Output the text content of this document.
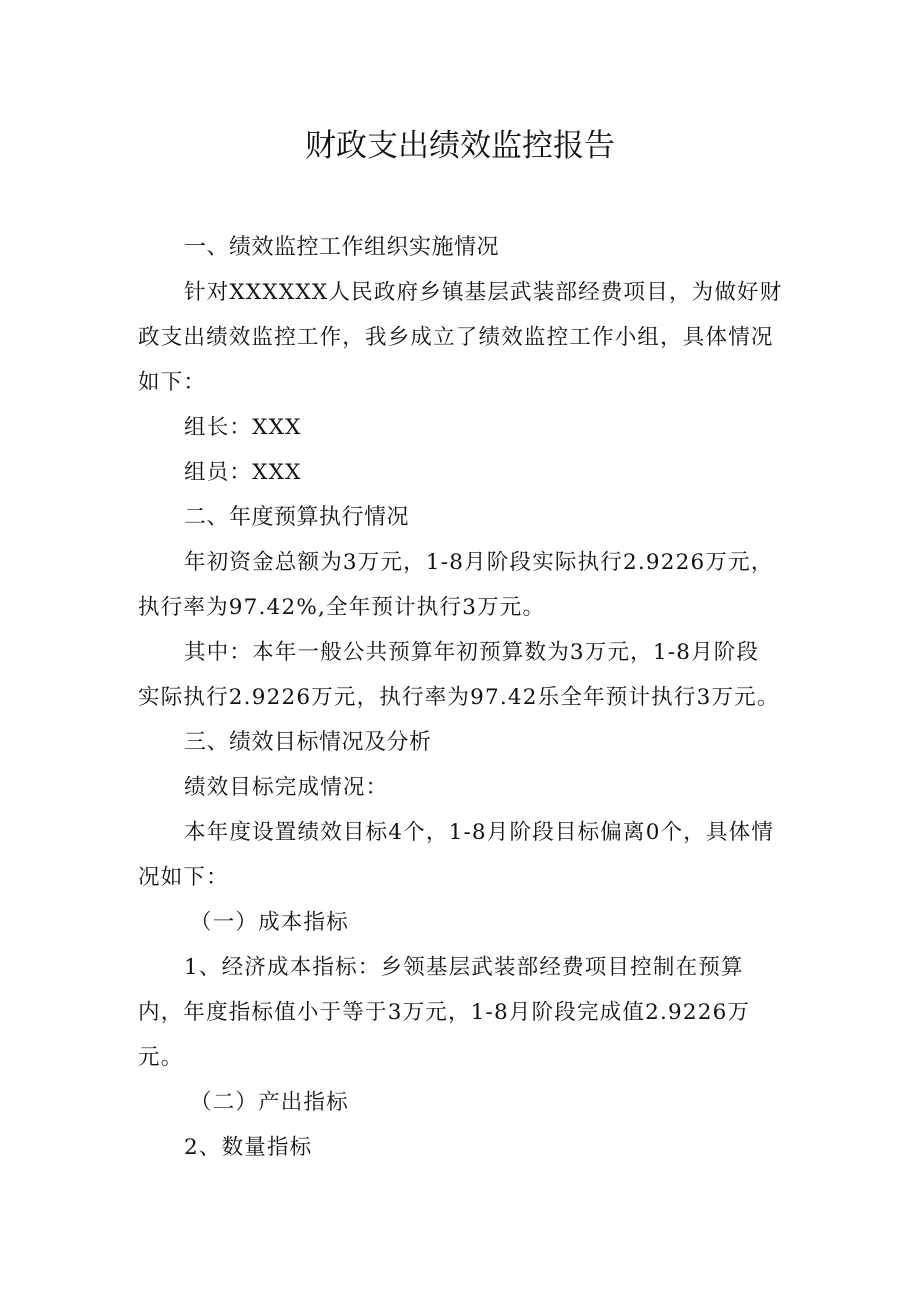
财政支出绩效监控报告
一、绩效监控工作组织实施情况
针对XXXXXX人民政府乡镇基层武装部经费项目，为做好财
政支出绩效监控工作，我乡成立了绩效监控工作小组，具体情况
如下：
组长：XXX
组员：XXX
二、年度预算执行情况
年初资金总额为3万元，1-8月阶段实际执行2.9226万元，
执行率为97.42%,全年预计执行3万元。
其中：本年一般公共预算年初预算数为3万元，1-8月阶段
实际执行2.9226万元，执行率为97.42乐全年预计执行3万元。
三、绩效目标情况及分析
绩效目标完成情况：
本年度设置绩效目标4个，1-8月阶段目标偏离0个，具体情
况如下：
（一）成本指标
1、经济成本指标：乡领基层武装部经费项目控制在预算
内，年度指标值小于等于3万元，1-8月阶段完成值2.9226万
元。
（二）产出指标
2、数量指标
